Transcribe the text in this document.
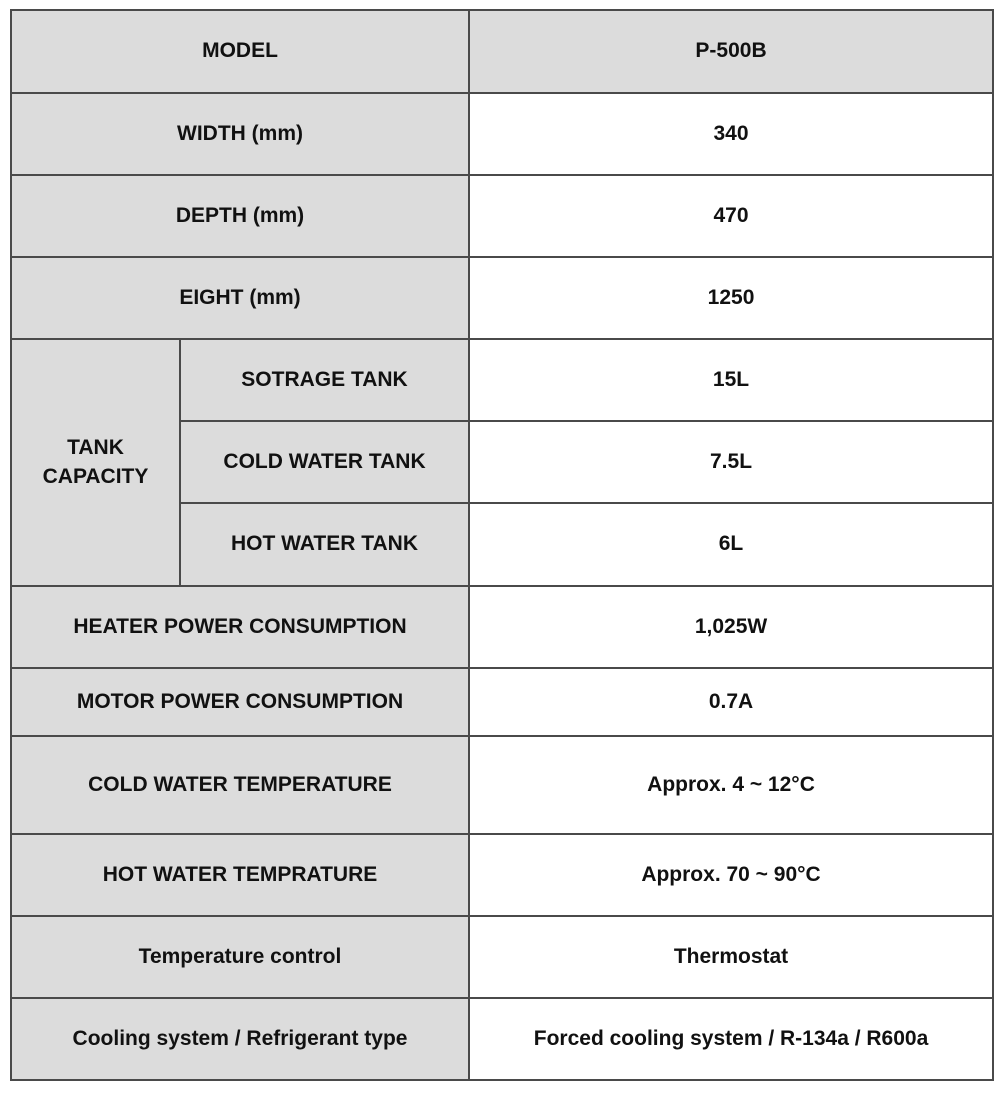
MODEL		P-500B
WIDTH (mm)		340
DEPTH (mm)		470
EIGHT (mm)		1250
TANK CAPACITY	SOTRAGE TANK	15L
	COLD WATER TANK	7.5L
	HOT WATER TANK	6L
HEATER POWER CONSUMPTION		1,025W
MOTOR POWER CONSUMPTION		0.7A
COLD WATER TEMPERATURE		Approx. 4 ~ 12°C
HOT WATER TEMPRATURE		Approx. 70 ~ 90°C
Temperature control		Thermostat
Cooling system / Refrigerant type		Forced cooling system / R-134a / R600a
